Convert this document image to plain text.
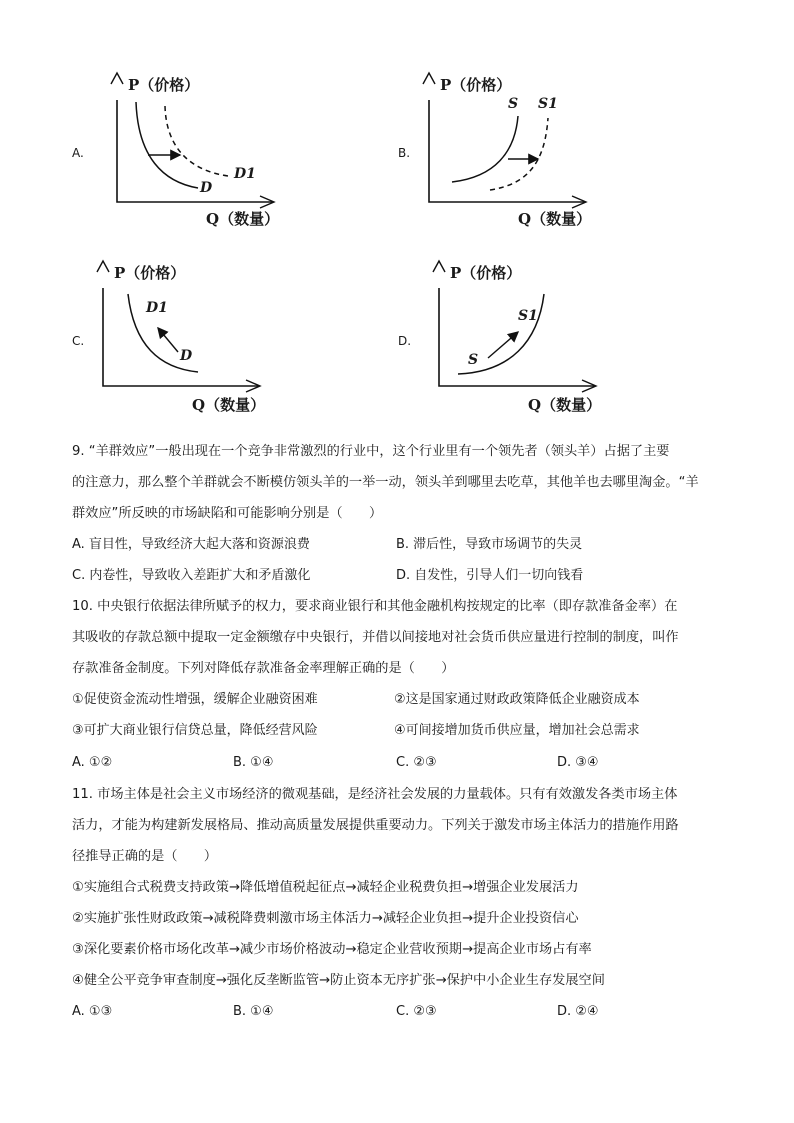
A.
P（价格）
Q（数量）
D
D1
B.
P（价格）
Q（数量）
S S1
C.
P（价格）
Q（数量）
D
D1
D.
P（价格）
Q（数量）
S
S1
9. “羊群效应”一般出现在一个竞争非常激烈的行业中，这个行业里有一个领先者（领头羊）占据了主要
的注意力，那么整个羊群就会不断模仿领头羊的一举一动，领头羊到哪里去吃草，其他羊也去哪里淘金。“羊
群效应”所反映的市场缺陷和可能影响分别是（　　）
A. 盲目性，导致经济大起大落和资源浪费	B. 滞后性，导致市场调节的失灵
C. 内卷性，导致收入差距扩大和矛盾激化	D. 自发性，引导人们一切向钱看
10. 中央银行依据法律所赋予的权力，要求商业银行和其他金融机构按规定的比率（即存款准备金率）在
其吸收的存款总额中提取一定金额缴存中央银行，并借以间接地对社会货币供应量进行控制的制度，叫作
存款准备金制度。下列对降低存款准备金率理解正确的是（　　）
①促使资金流动性增强，缓解企业融资困难	②这是国家通过财政政策降低企业融资成本
③可扩大商业银行信贷总量，降低经营风险	④可间接增加货币供应量，增加社会总需求
A. ①②	B. ①④	C. ②③	D. ③④
11. 市场主体是社会主义市场经济的微观基础，是经济社会发展的力量载体。只有有效激发各类市场主体
活力，才能为构建新发展格局、推动高质量发展提供重要动力。下列关于激发市场主体活力的措施作用路
径推导正确的是（　　）
①实施组合式税费支持政策→降低增值税起征点→减轻企业税费负担→增强企业发展活力
②实施扩张性财政政策→减税降费刺激市场主体活力→减轻企业负担→提升企业投资信心
③深化要素价格市场化改革→减少市场价格波动→稳定企业营收预期→提高企业市场占有率
④健全公平竞争审查制度→强化反垄断监管→防止资本无序扩张→保护中小企业生存发展空间
A. ①③	B. ①④	C. ②③	D. ②④
